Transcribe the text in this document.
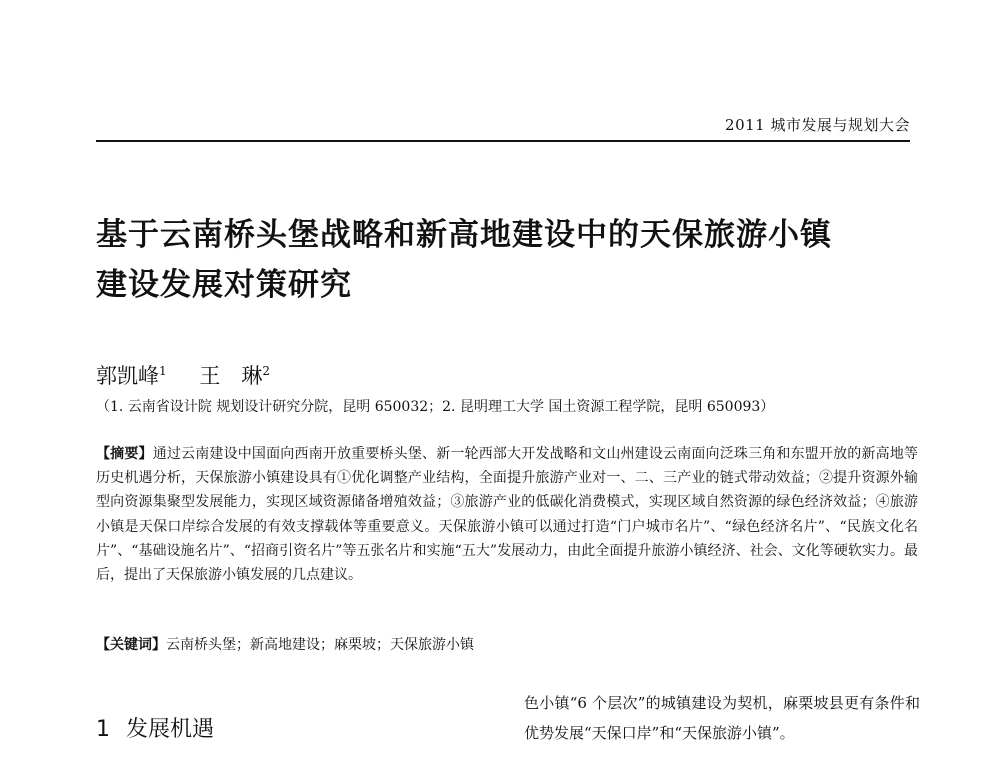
2011 城市发展与规划大会
基于云南桥头堡战略和新高地建设中的天保旅游小镇
建设发展对策研究
郭凯峰$^1$ 王　琳$^2$
（1. 云南省设计院 规划设计研究分院，昆明 650032；2. 昆明理工大学 国土资源工程学院，昆明 650093）
【摘要】通过云南建设中国面向西南开放重要桥头堡、新一轮西部大开发战略和文山州建设云南面向泛珠三角和东盟开放的新高地等历史机遇分析，天保旅游小镇建设具有①优化调整产业结构，全面提升旅游产业对一、二、三产业的链式带动效益；②提升资源外输型向资源集聚型发展能力，实现区域资源储备增殖效益；③旅游产业的低碳化消费模式，实现区域自然资源的绿色经济效益；④旅游小镇是天保口岸综合发展的有效支撑载体等重要意义。天保旅游小镇可以通过打造“门户城市名片”、“绿色经济名片”、“民族文化名片”、“基础设施名片”、“招商引资名片”等五张名片和实施“五大”发展动力，由此全面提升旅游小镇经济、社会、文化等硬软实力。最后，提出了天保旅游小镇发展的几点建议。
【关键词】云南桥头堡；新高地建设；麻栗坡；天保旅游小镇
1 发展机遇
色小镇“6 个层次”的城镇建设为契机，麻栗坡县更有条件和优势发展“天保口岸”和“天保旅游小镇”。
